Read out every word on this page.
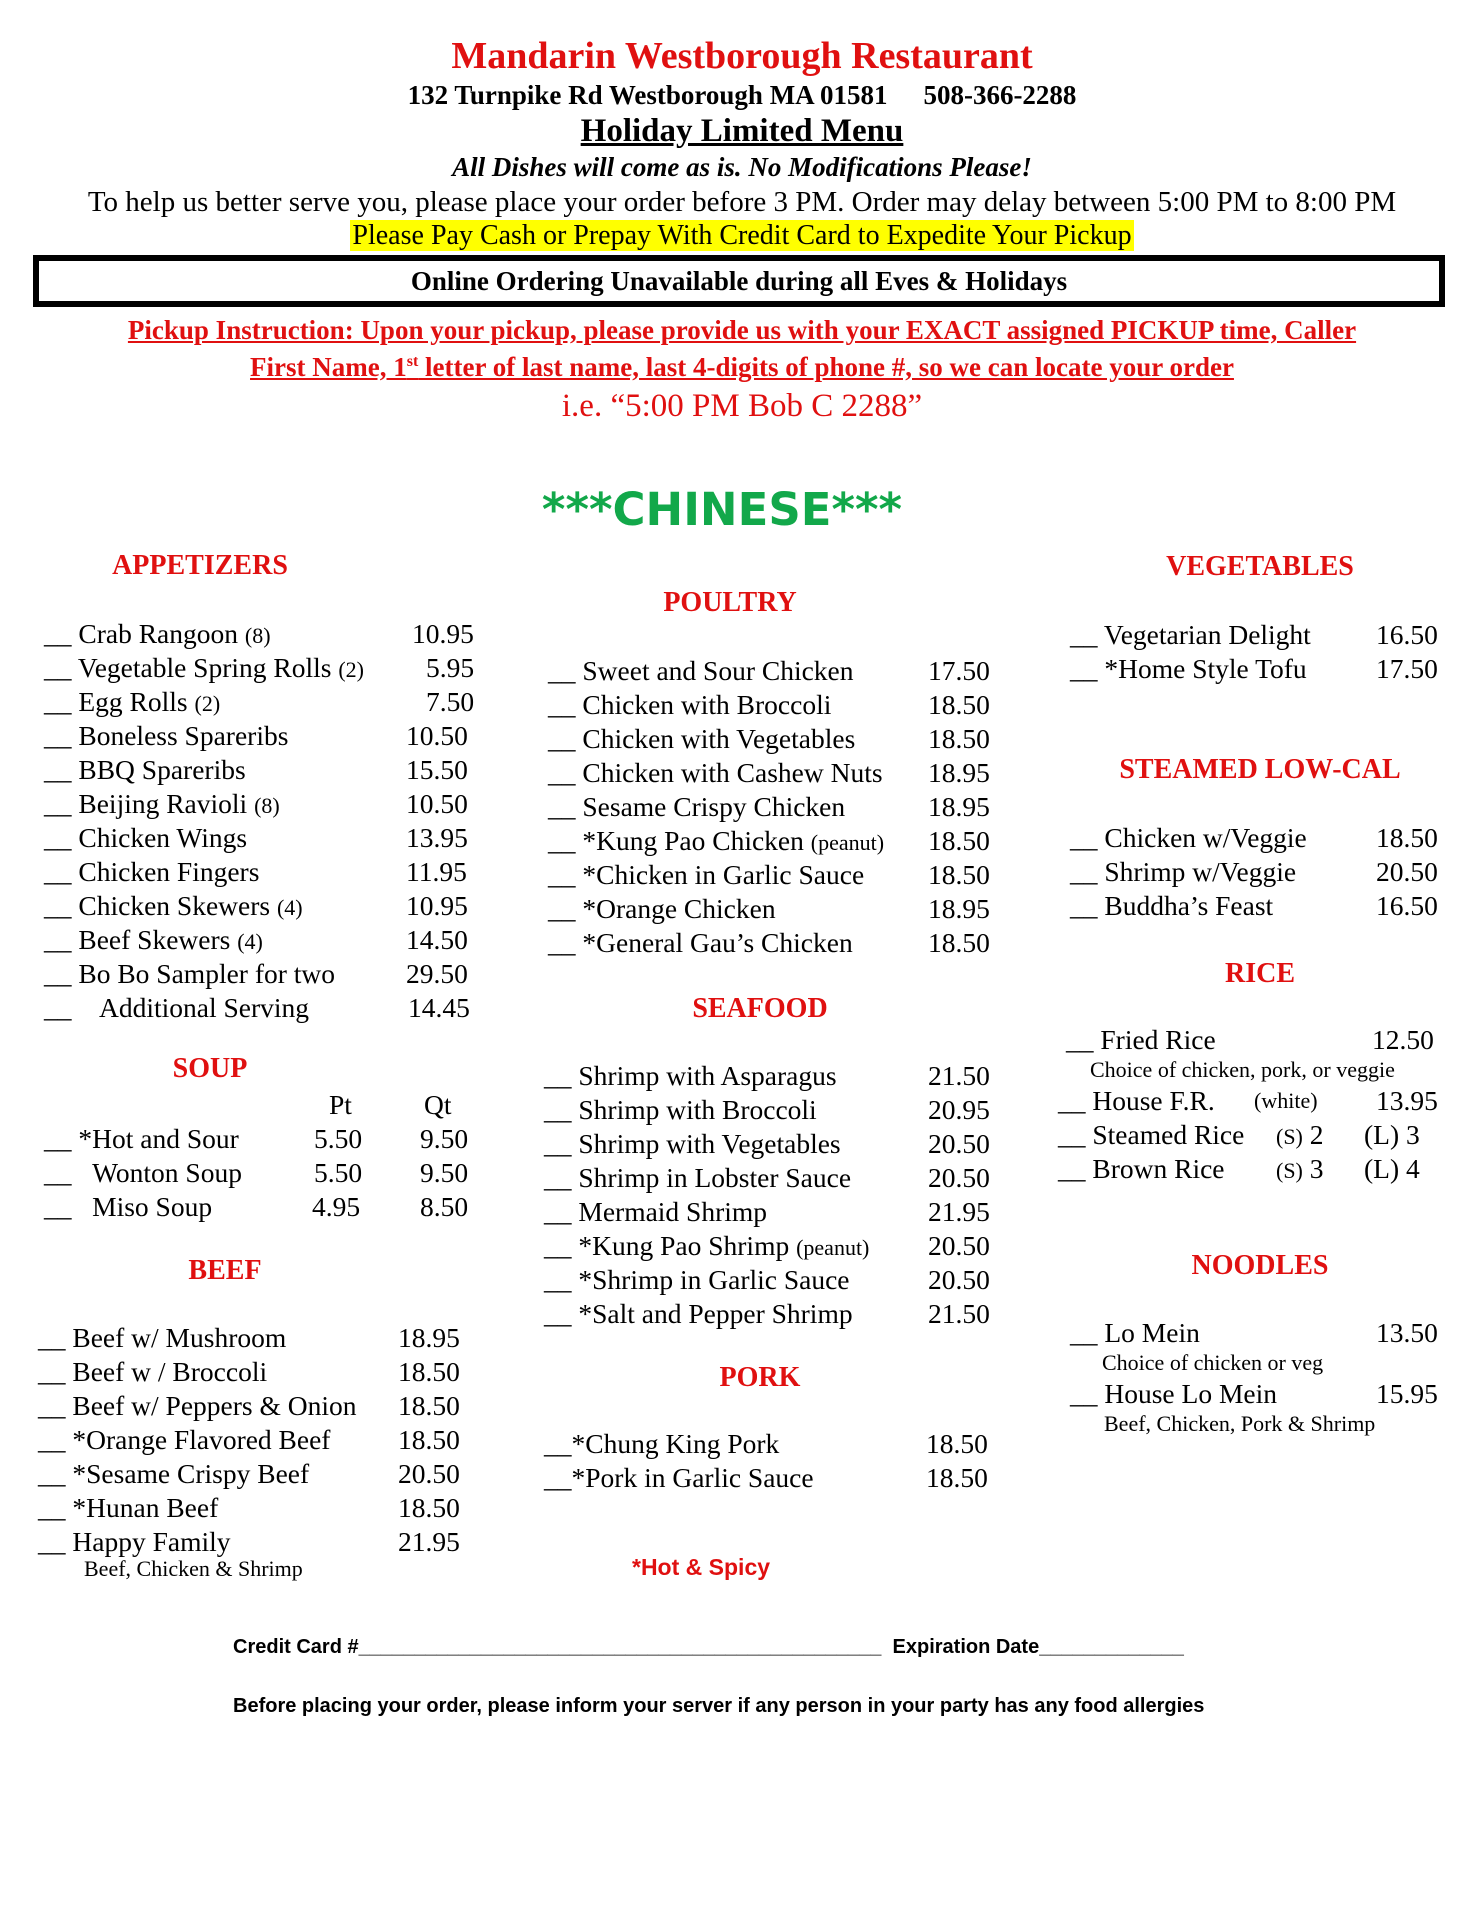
Mandarin Westborough Restaurant
132 Turnpike Rd Westborough MA 01581 508-366-2288
Holiday Limited Menu
All Dishes will come as is. No Modifications Please!
To help us better serve you, please place your order before 3 PM. Order may delay between 5:00 PM to 8:00 PM
Please Pay Cash or Prepay With Credit Card to Expedite Your Pickup
Online Ordering Unavailable during all Eves & Holidays
Pickup Instruction: Upon your pickup, please provide us with your EXACT assigned PICKUP time, Caller
First Name, 1st letter of last name, last 4-digits of phone #, so we can locate your order
i.e. “5:00 PM Bob C 2288”
***CHINESE***
APPETIZERS
__ Crab Rangoon (8)	10.95
__ Vegetable Spring Rolls (2) 5.95
__ Egg Rolls (2)	7.50
__ Boneless Spareribs	10.50
__ BBQ Spareribs	15.50
__ Beijing Ravioli (8)	10.50
__ Chicken Wings	13.95
__ Chicken Fingers	11.95
__ Chicken Skewers (4)	10.95
__ Beef Skewers (4)	14.50
__ Bo Bo Sampler for two	29.50
__    Additional Serving	14.45
SOUP
Pt	Qt
__ *Hot and Sour	5.50 9.50
__   Wonton Soup	5.50 9.50
__   Miso Soup	4.95 8.50
BEEF
__ Beef w/ Mushroom	18.95
__ Beef w / Broccoli	18.50
__ Beef w/ Peppers & Onion 18.50
__ *Orange Flavored Beef 18.50
__ *Sesame Crispy Beef	20.50
__ *Hunan Beef	18.50
__ Happy Family	21.95
Beef, Chicken & Shrimp
POULTRY
__ Sweet and Sour Chicken	17.50
__ Chicken with Broccoli	18.50
__ Chicken with Vegetables	18.50
__ Chicken with Cashew Nuts 18.95
__ Sesame Crispy Chicken	18.95
__ *Kung Pao Chicken (peanut) 18.50
__ *Chicken in Garlic Sauce 18.50
__ *Orange Chicken	18.95
__ *General Gau’s Chicken	18.50
SEAFOOD
__ Shrimp with Asparagus	21.50
__ Shrimp with Broccoli	20.95
__ Shrimp with Vegetables	20.50
__ Shrimp in Lobster Sauce	20.50
__ Mermaid Shrimp	21.95
__ *Kung Pao Shrimp (peanut) 20.50
__ *Shrimp in Garlic Sauce	20.50
__ *Salt and Pepper Shrimp	21.50
PORK
__*Chung King Pork	18.50
__*Pork in Garlic Sauce	18.50
*Hot & Spicy
VEGETABLES
__ Vegetarian Delight 16.50
__ *Home Style Tofu	17.50
STEAMED LOW-CAL
__ Chicken w/Veggie	18.50
__ Shrimp w/Veggie	20.50
__ Buddha’s Feast	16.50
RICE
__ Fried Rice	12.50
Choice of chicken, pork, or veggie
__ House F.R. (white) 13.95
__ Steamed Rice (S) 2 (L) 3
__ Brown Rice (S) 3 (L) 4
NOODLES
__ Lo Mein	13.50
Choice of chicken or veg
__ House Lo Mein	15.95
Beef, Chicken, Pork & Shrimp
Credit Card #_______________________________________________ Expiration Date_____________
Before placing your order, please inform your server if any person in your party has any food allergies
